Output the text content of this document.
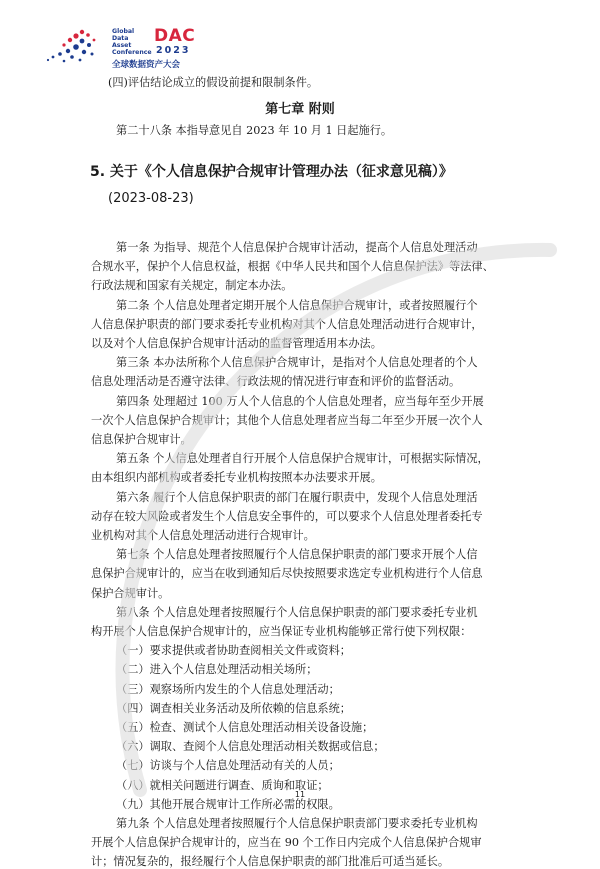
Global Data Asset Conference
DAC
2023
全球数据资产大会
(四)评估结论成立的假设前提和限制条件。
第七章 附则
第二十八条 本指导意见自 2023 年 10 月 1 日起施行。
5. 关于《个人信息保护合规审计管理办法（征求意见稿）》
(2023-08-23)
第一条 为指导、规范个人信息保护合规审计活动，提高个人信息处理活动
合规水平，保护个人信息权益，根据《中华人民共和国个人信息保护法》等法律、
行政法规和国家有关规定，制定本办法。
第二条 个人信息处理者定期开展个人信息保护合规审计，或者按照履行个
人信息保护职责的部门要求委托专业机构对其个人信息处理活动进行合规审计，
以及对个人信息保护合规审计活动的监督管理适用本办法。
第三条 本办法所称个人信息保护合规审计，是指对个人信息处理者的个人
信息处理活动是否遵守法律、行政法规的情况进行审查和评价的监督活动。
第四条 处理超过 100 万人个人信息的个人信息处理者，应当每年至少开展
一次个人信息保护合规审计；其他个人信息处理者应当每二年至少开展一次个人
信息保护合规审计。
第五条 个人信息处理者自行开展个人信息保护合规审计，可根据实际情况，
由本组织内部机构或者委托专业机构按照本办法要求开展。
第六条 履行个人信息保护职责的部门在履行职责中，发现个人信息处理活
动存在较大风险或者发生个人信息安全事件的，可以要求个人信息处理者委托专
业机构对其个人信息处理活动进行合规审计。
第七条 个人信息处理者按照履行个人信息保护职责的部门要求开展个人信
息保护合规审计的，应当在收到通知后尽快按照要求选定专业机构进行个人信息
保护合规审计。
第八条 个人信息处理者按照履行个人信息保护职责的部门要求委托专业机
构开展个人信息保护合规审计的，应当保证专业机构能够正常行使下列权限：
（一）要求提供或者协助查阅相关文件或资料；
（二）进入个人信息处理活动相关场所；
（三）观察场所内发生的个人信息处理活动；
（四）调查相关业务活动及所依赖的信息系统；
（五）检查、测试个人信息处理活动相关设备设施；
（六）调取、查阅个人信息处理活动相关数据或信息；
（七）访谈与个人信息处理活动有关的人员；
（八）就相关问题进行调查、质询和取证；
（九）其他开展合规审计工作所必需的权限。
第九条 个人信息处理者按照履行个人信息保护职责部门要求委托专业机构
开展个人信息保护合规审计的，应当在 90 个工作日内完成个人信息保护合规审
计；情况复杂的，报经履行个人信息保护职责的部门批准后可适当延长。
11
